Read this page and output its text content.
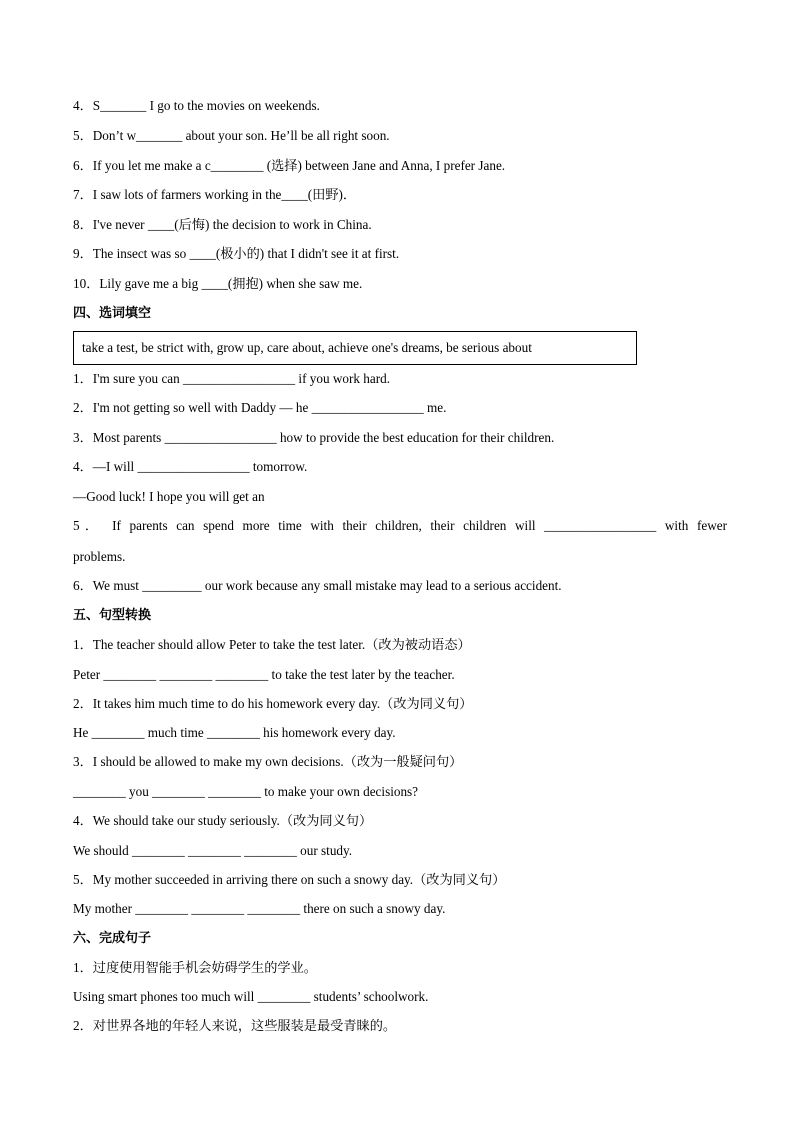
4．S_______ I go to the movies on weekends.
5．Don’t w_______ about your son. He’ll be all right soon.
6．If you let me make a c________ (选择) between Jane and Anna, I prefer Jane.
7．I saw lots of farmers working in the____(田野)．
8．I've never ____(后悔) the decision to work in China.
9．The insect was so ____(极小的) that I didn't see it at first.
10．Lily gave me a big ____(拥抱) when she saw me.
四、选词填空
take a test, be strict with, grow up, care about, achieve one's dreams, be serious about
1．I'm sure you can _________________ if you work hard.
2．I'm not getting so well with Daddy — he _________________ me.
3．Most parents _________________ how to provide the best education for their children.
4．—I will _________________ tomorrow.
—Good luck! I hope you will get an
5． If parents can spend more time with their children, their children will _________________ with fewer
problems.
6．We must _________ our work because any small mistake may lead to a serious accident.
五、句型转换
1．The teacher should allow Peter to take the test later.（改为被动语态）
Peter ________ ________ ________ to take the test later by the teacher.
2．It takes him much time to do his homework every day.（改为同义句）
He ________ much time ________ his homework every day.
3．I should be allowed to make my own decisions.（改为一般疑问句）
________ you ________ ________ to make your own decisions?
4．We should take our study seriously.（改为同义句）
We should ________ ________ ________ our study.
5．My mother succeeded in arriving there on such a snowy day.（改为同义句）
My mother ________ ________ ________ there on such a snowy day.
六、完成句子
1．过度使用智能手机会妨碍学生的学业。
Using smart phones too much will ________ students’ schoolwork.
2．对世界各地的年轻人来说，这些服装是最受青睐的。
